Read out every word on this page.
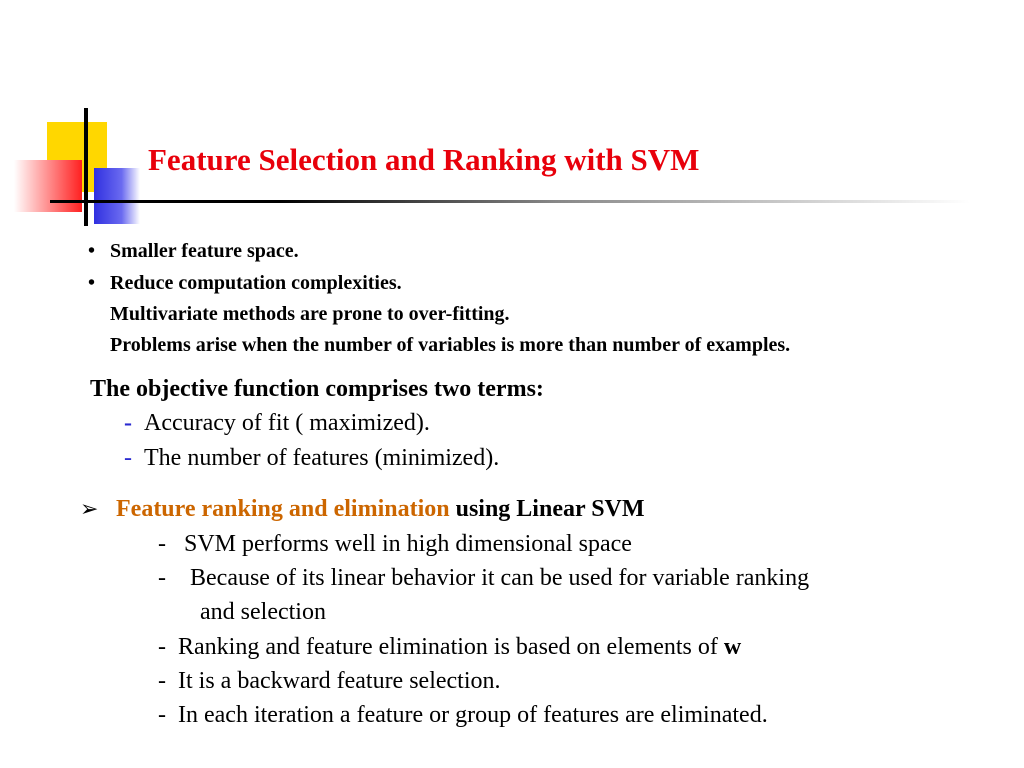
Feature Selection and Ranking with SVM
• Smaller feature space.
• Reduce computation complexities.
Multivariate methods are prone to over-fitting.
Problems arise when the number of variables is more than number of examples.
The objective function comprises two terms:
- Accuracy of fit ( maximized).
- The number of features (minimized).
➢ Feature ranking and elimination using Linear SVM
-   SVM performs well in high dimensional space
-    Because of its linear behavior it can be used for variable ranking
and selection
-  Ranking and feature elimination is based on elements of w
-  It is a backward feature selection.
-  In each iteration a feature or group of features are eliminated.
